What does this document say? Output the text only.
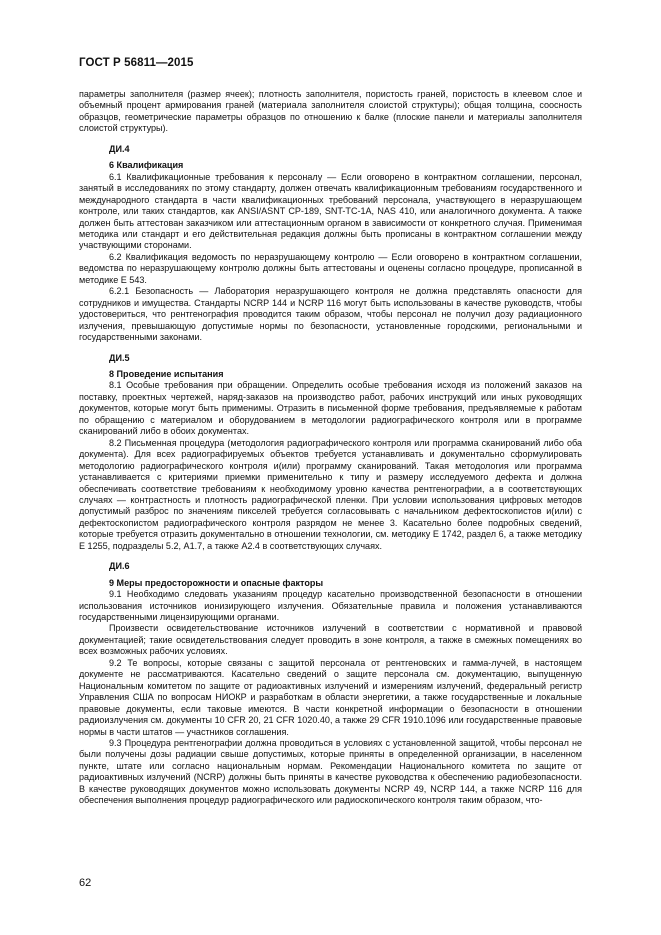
ГОСТ Р 56811—2015

параметры заполнителя (размер ячеек); плотность заполнителя, пористость граней, пористость в клеевом слое и объемный процент армирования граней (материала заполнителя слоистой структуры); общая толщина, соосность образцов, геометрические параметры образцов по отношению к балке (плоские панели и материалы заполнителя слоистой структуры).

ДИ.4

6 Квалификация

6.1 Квалификационные требования к персоналу — Если оговорено в контрактном соглашении, персонал, занятый в исследованиях по этому стандарту, должен отвечать квалификационным требованиям государственного и международного стандарта в части квалификационных требований персонала, участвующего в неразрушающем контроле, или таких стандартов, как ANSI/ASNT СР-189, SNT-TC-1A, NAS 410, или аналогичного документа. А также должен быть аттестован заказчиком или аттестационным органом в зависимости от конкретного случая. Применимая методика или стандарт и его действительная редакция должны быть прописаны в контрактном соглашении между участвующими сторонами.

6.2 Квалификация ведомость по неразрушающему контролю — Если оговорено в контрактном соглашении, ведомства по неразрушающему контролю должны быть аттестованы и оценены согласно процедуре, прописанной в методике Е 543.

6.2.1 Безопасность — Лаборатория неразрушающего контроля не должна представлять опасности для сотрудников и имущества. Стандарты NCRP 144 и NCRP 116 могут быть использованы в качестве руководств, чтобы удостовериться, что рентгенография проводится таким образом, чтобы персонал не получил дозу радиационного излучения, превышающую допустимые нормы по безопасности, установленные городскими, региональными и государственными законами.

ДИ.5

8 Проведение испытания

8.1 Особые требования при обращении. Определить особые требования исходя из положений заказов на поставку, проектных чертежей, наряд-заказов на производство работ, рабочих инструкций или иных руководящих документов, которые могут быть применимы. Отразить в письменной форме требования, предъявляемые к работам по обращению с материалом и оборудованием в методологии радиографического контроля или в программе сканирований либо в обоих документах.

8.2 Письменная процедура (методология радиографического контроля или программа сканирований либо оба документа). Для всех радиографируемых объектов требуется устанавливать и документально сформулировать методологию радиографического контроля и(или) программу сканирований. Такая методология или программа устанавливается с критериями приемки применительно к типу и размеру исследуемого дефекта и должна обеспечивать соответствие требованиям к необходимому уровню качества рентгенографии, а в соответствующих случаях — контрастность и плотность радиографической пленки. При условии использования цифровых методов допустимый разброс по значениям пикселей требуется согласовывать с начальником дефектоскопистов и(или) с дефектоскопистом радиографического контроля разрядом не менее 3. Касательно более подробных сведений, которые требуется отразить документально в отношении технологии, см. методику Е 1742, раздел 6, а также методику Е 1255, подразделы 5.2, А1.7, а также А2.4 в соответствующих случаях.

ДИ.6

9 Меры предосторожности и опасные факторы

9.1 Необходимо следовать указаниям процедур касательно производственной безопасности в отношении использования источников ионизирующего излучения. Обязательные правила и положения устанавливаются государственными лицензирующими органами.

Произвести освидетельствование источников излучений в соответствии с нормативной и правовой документацией; такие освидетельствования следует проводить в зоне контроля, а также в смежных помещениях во всех возможных рабочих условиях.

9.2 Те вопросы, которые связаны с защитой персонала от рентгеновских и гамма-лучей, в настоящем документе не рассматриваются. Касательно сведений о защите персонала см. документацию, выпущенную Национальным комитетом по защите от радиоактивных излучений и измерениям излучений, федеральный регистр Управления США по вопросам НИОКР и разработкам в области энергетики, а также государственные и локальные правовые документы, если таковые имеются. В части конкретной информации о безопасности в отношении радиоизлучения см. документы 10 CFR 20, 21 CFR 1020.40, а также 29 CFR 1910.1096 или государственные правовые нормы в части штатов — участников соглашения.

9.3 Процедура рентгенографии должна проводиться в условиях с установленной защитой, чтобы персонал не были получены дозы радиации свыше допустимых, которые приняты в определенной организации, в населенном пункте, штате или согласно национальным нормам. Рекомендации Национального комитета по защите от радиоактивных излучений (NCRP) должны быть приняты в качестве руководства к обеспечению радиобезопасности. В качестве руководящих документов можно использовать документы NCRP 49, NCRP 144, а также NCRP 116 для обеспечения выполнения процедур радиографического или радиоскопического контроля таким образом, что-

62
